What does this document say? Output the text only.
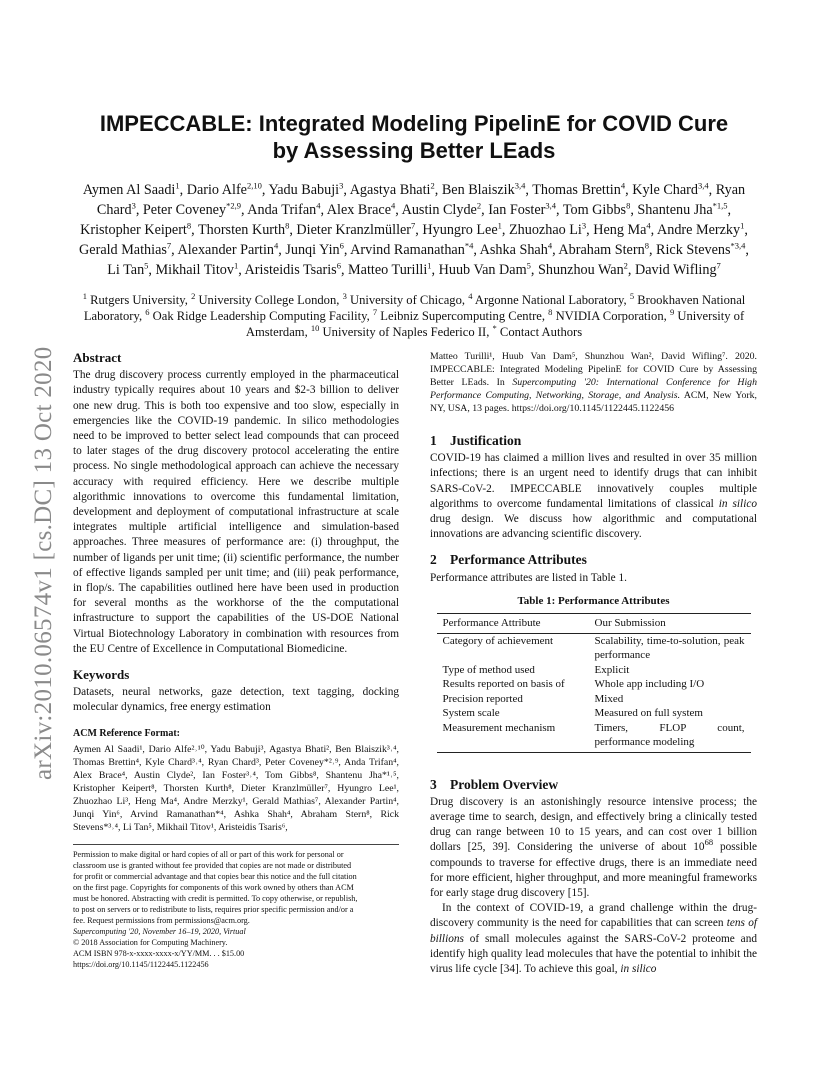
arXiv:2010.06574v1 [cs.DC] 13 Oct 2020
IMPECCABLE: Integrated Modeling PipelinE for COVID Cure
by Assessing Better LEads
Aymen Al Saadi$^1$, Dario Alfe$^{2,10}$, Yadu Babuji$^3$, Agastya Bhati$^2$, Ben Blaiszik$^{3,4}$, Thomas Brettin$^4$, Kyle Chard$^{3,4}$, Ryan Chard$^3$, Peter Coveney$^{*2,9}$, Anda Trifan$^4$, Alex Brace$^4$, Austin Clyde$^2$, Ian Foster$^{3,4}$, Tom Gibbs$^8$, Shantenu Jha$^{*1,5}$, Kristopher Keipert$^8$, Thorsten Kurth$^8$, Dieter Kranzlmüller$^7$, Hyungro Lee$^1$, Zhuozhao Li$^3$, Heng Ma$^4$, Andre Merzky$^1$, Gerald Mathias$^7$, Alexander Partin$^4$, Junqi Yin$^6$, Arvind Ramanathan$^{*4}$, Ashka Shah$^4$, Abraham Stern$^8$, Rick Stevens$^{*3,4}$, Li Tan$^5$, Mikhail Titov$^1$, Aristeidis Tsaris$^6$, Matteo Turilli$^1$, Huub Van Dam$^5$, Shunzhou Wan$^2$, David Wifling$^7$
$^1$ Rutgers University, $^2$ University College London, $^3$ University of Chicago, $^4$ Argonne National Laboratory, $^5$ Brookhaven National Laboratory, $^6$ Oak Ridge Leadership Computing Facility, $^7$ Leibniz Supercomputing Centre, $^8$ NVIDIA Corporation, $^9$ University of Amsterdam, $^{10}$ University of Naples Federico II, * Contact Authors
Abstract

The drug discovery process currently employed in the pharmaceutical industry typically requires about 10 years and $2-3 billion to deliver one new drug. This is both too expensive and too slow, especially in emergencies like the COVID-19 pandemic. In silico methodologies need to be improved to better select lead compounds that can proceed to later stages of the drug discovery protocol accelerating the entire process. No single methodological approach can achieve the necessary accuracy with required efficiency. Here we describe multiple algorithmic innovations to overcome this fundamental limitation, development and deployment of computational infrastructure at scale integrates multiple artificial intelligence and simulation-based approaches. Three measures of performance are: (i) throughput, the number of ligands per unit time; (ii) scientific performance, the number of effective ligands sampled per unit time; and (iii) peak performance, in flop/s. The capabilities outlined here have been used in production for several months as the workhorse of the the computational infrastructure to support the capabilities of the US-DOE National Virtual Biotechnology Laboratory in combination with resources from the EU Centre of Excellence in Computational Biomedicine.

Keywords

Datasets, neural networks, gaze detection, text tagging, docking molecular dynamics, free energy estimation

ACM Reference Format:

Aymen Al Saadi¹, Dario Alfe²˒¹⁰, Yadu Babuji³, Agastya Bhati², Ben Blaiszik³˒⁴, Thomas Brettin⁴, Kyle Chard³˒⁴, Ryan Chard³, Peter Coveney*²˒⁹, Anda Trifan⁴, Alex Brace⁴, Austin Clyde², Ian Foster³˒⁴, Tom Gibbs⁸, Shantenu Jha*¹˒⁵, Kristopher Keipert⁸, Thorsten Kurth⁸, Dieter Kranzlmüller⁷, Hyungro Lee¹, Zhuozhao Li³, Heng Ma⁴, Andre Merzky¹, Gerald Mathias⁷, Alexander Partin⁴, Junqi Yin⁶, Arvind Ramanathan*⁴, Ashka Shah⁴, Abraham Stern⁸, Rick Stevens*³˒⁴, Li Tan⁵, Mikhail Titov¹, Aristeidis Tsaris⁶,

Permission to make digital or hard copies of all or part of this work for personal or
classroom use is granted without fee provided that copies are not made or distributed
for profit or commercial advantage and that copies bear this notice and the full citation
on the first page. Copyrights for components of this work owned by others than ACM
must be honored. Abstracting with credit is permitted. To copy otherwise, or republish,
to post on servers or to redistribute to lists, requires prior specific permission and/or a
fee. Request permissions from permissions@acm.org.
Supercomputing '20, November 16–19, 2020, Virtual
© 2018 Association for Computing Machinery.
ACM ISBN 978-x-xxxx-xxxx-x/YY/MM. . . $15.00
https://doi.org/10.1145/1122445.1122456

Matteo Turilli¹, Huub Van Dam⁵, Shunzhou Wan², David Wifling⁷. 2020. IMPECCABLE: Integrated Modeling PipelinE for COVID Cure by Assessing Better LEads. In Supercomputing '20: International Conference for High Performance Computing, Networking, Storage, and Analysis. ACM, New York, NY, USA, 13 pages. https://doi.org/10.1145/1122445.1122456

1 Justification

COVID-19 has claimed a million lives and resulted in over 35 million infections; there is an urgent need to identify drugs that can inhibit SARS-CoV-2. IMPECCABLE innovatively couples multiple algorithms to overcome fundamental limitations of classical in silico drug design. We discuss how algorithmic and computational innovations are advancing scientific discovery.

2 Performance Attributes

Performance attributes are listed in Table 1.

Table 1: Performance Attributes
Performance Attribute	Our Submission
Category of achievement	Scalability, time-to-solution, peak performance
Type of method used	Explicit
Results reported on basis of	Whole app including I/O
Precision reported	Mixed
System scale	Measured on full system
Measurement mechanism	Timers, FLOP count, performance modeling
3 Problem Overview

Drug discovery is an astonishingly resource intensive process; the average time to search, design, and effectively bring a clinically tested drug can range between 10 to 15 years, and can cost over 1 billion dollars [25, 39]. Considering the universe of about $10^{68}$ possible compounds to traverse for effective drugs, there is an immediate need for more efficient, higher throughput, and more meaningful frameworks for early stage drug discovery [15].

In the context of COVID-19, a grand challenge within the drug-discovery community is the need for capabilities that can screen tens of billions of small molecules against the SARS-CoV-2 proteome and identify high quality lead molecules that have the potential to inhibit the virus life cycle [34]. To achieve this goal, in silico
